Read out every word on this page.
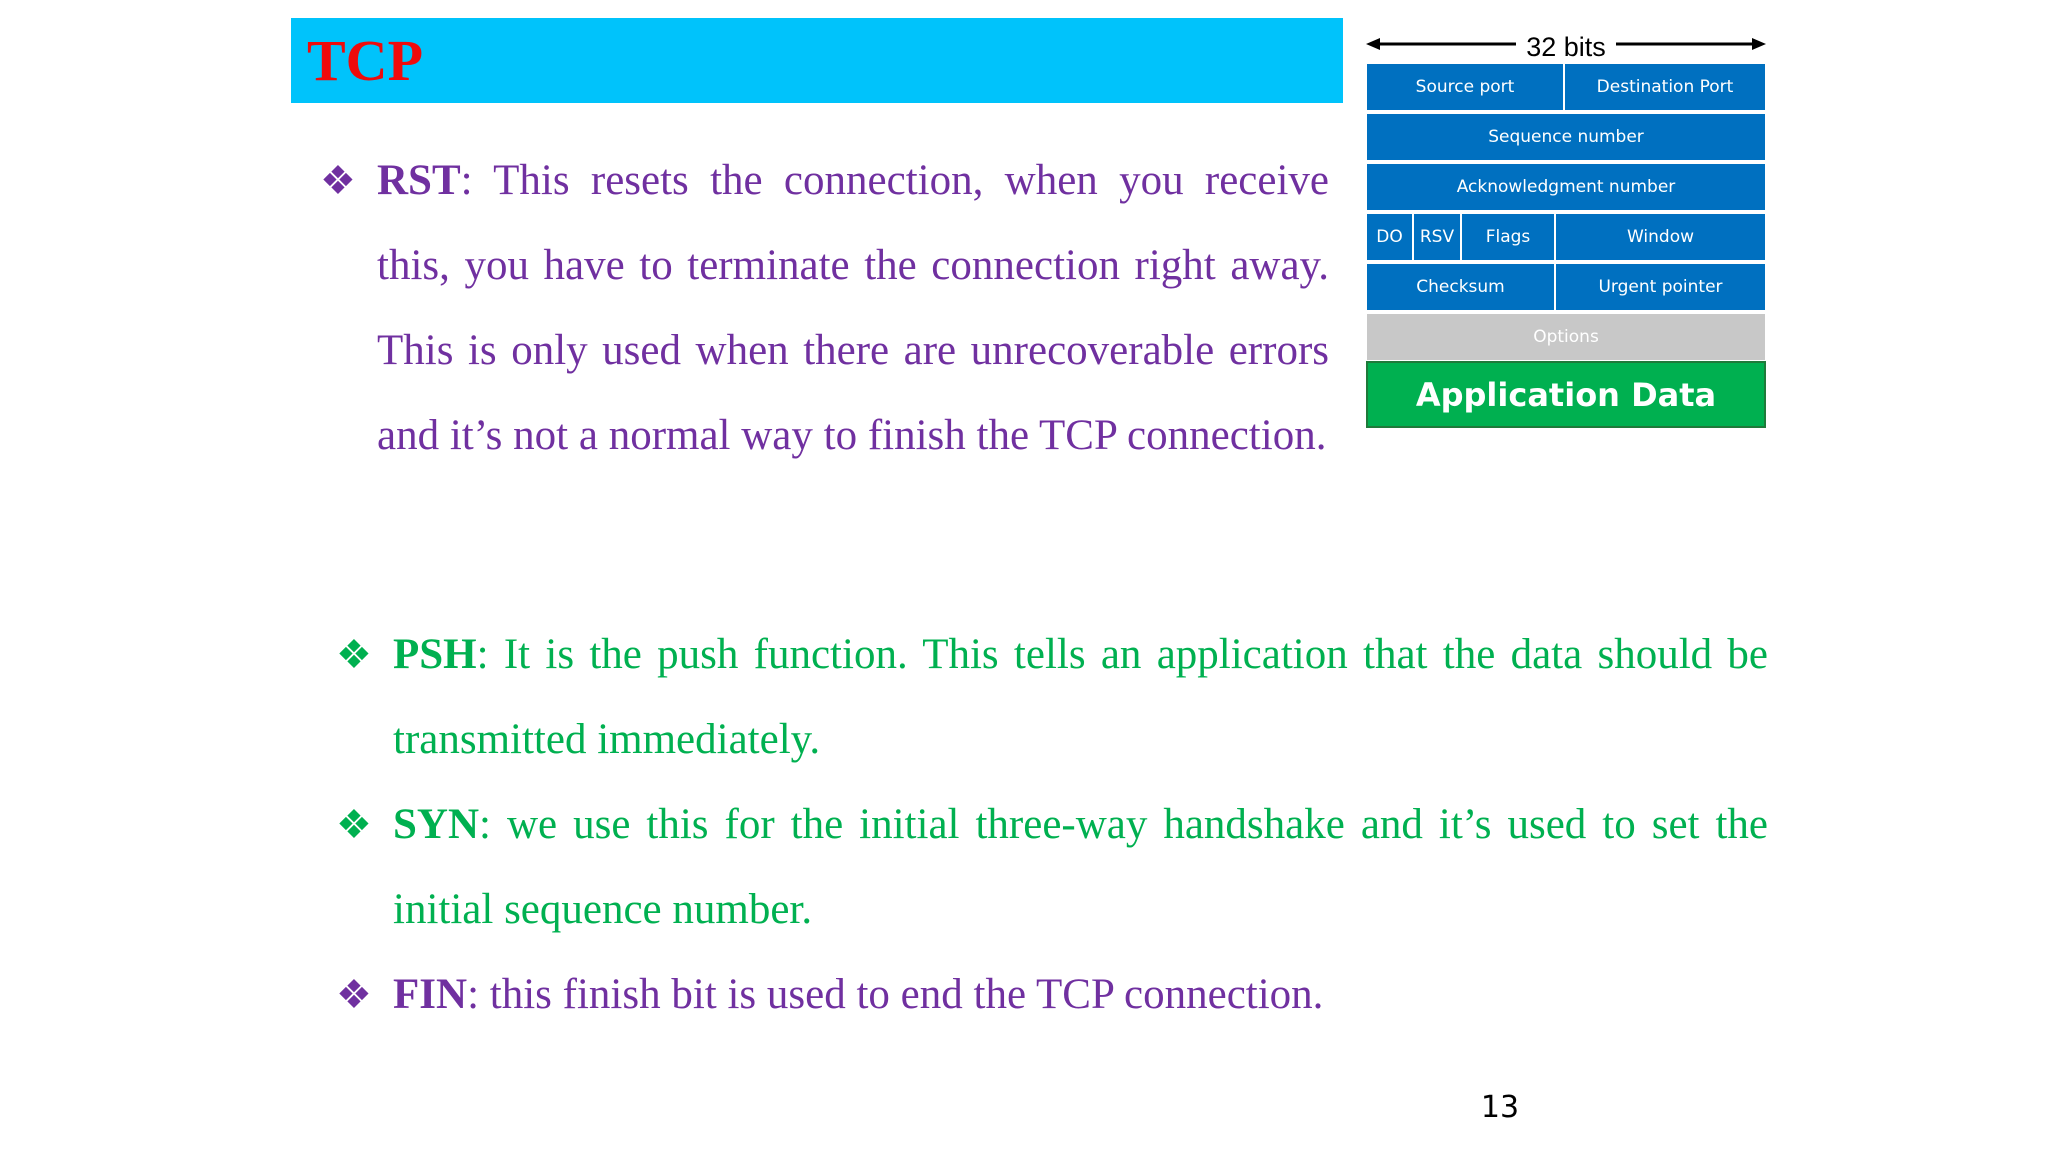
TCP
❖ RST: This resets the connection, when you receive this, you have to terminate the connection right away. This is only used when there are unrecoverable errors and it’s not a normal way to finish the TCP connection.
❖ PSH: It is the push function. This tells an application that the data should be transmitted immediately.
❖ SYN: we use this for the initial three-way handshake and it’s used to set the initial sequence number.
❖ FIN: this finish bit is used to end the TCP connection.
32 bits
Source port	Destination Port
Sequence number
Acknowledgment number
DO	RSV	Flags	Window
Checksum	Urgent pointer
Options
Application Data
13
